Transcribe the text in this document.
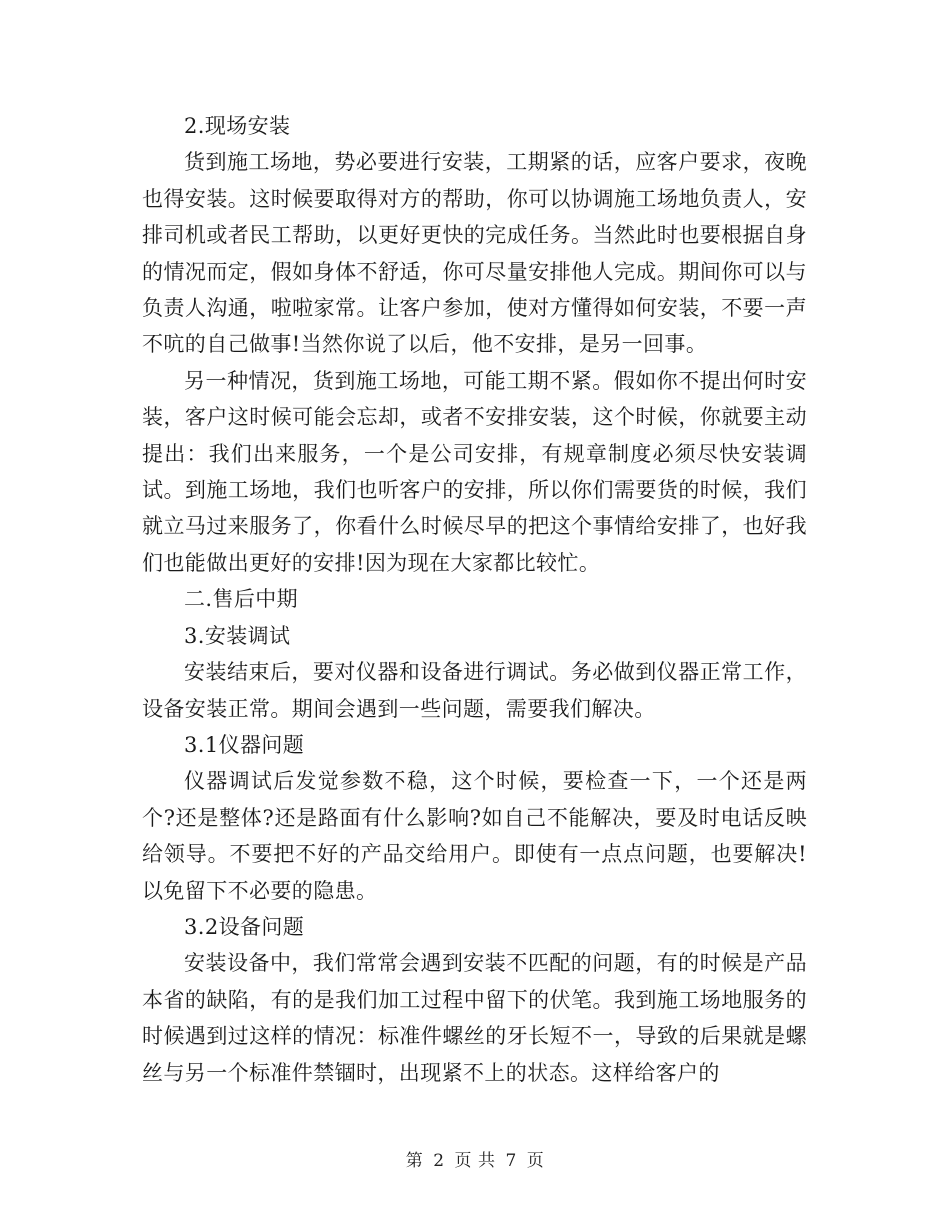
2.现场安装

货到施工场地，势必要进行安装，工期紧的话，应客户要求，夜晚也得安装。这时候要取得对方的帮助，你可以协调施工场地负责人，安排司机或者民工帮助，以更好更快的完成任务。当然此时也要根据自身的情况而定，假如身体不舒适，你可尽量安排他人完成。期间你可以与负责人沟通，啦啦家常。让客户参加，使对方懂得如何安装，不要一声不吭的自己做事!当然你说了以后，他不安排，是另一回事。

另一种情况，货到施工场地，可能工期不紧。假如你不提出何时安装，客户这时候可能会忘却，或者不安排安装，这个时候，你就要主动提出：我们出来服务，一个是公司安排，有规章制度必须尽快安装调试。到施工场地，我们也听客户的安排，所以你们需要货的时候，我们就立马过来服务了，你看什么时候尽早的把这个事情给安排了，也好我们也能做出更好的安排!因为现在大家都比较忙。

二.售后中期

3.安装调试

安装结束后，要对仪器和设备进行调试。务必做到仪器正常工作，设备安装正常。期间会遇到一些问题，需要我们解决。

3.1仪器问题

仪器调试后发觉参数不稳，这个时候，要检查一下，一个还是两个?还是整体?还是路面有什么影响?如自己不能解决，要及时电话反映给领导。不要把不好的产品交给用户。即使有一点点问题，也要解决!以免留下不必要的隐患。

3.2设备问题

安装设备中，我们常常会遇到安装不匹配的问题，有的时候是产品本省的缺陷，有的是我们加工过程中留下的伏笔。我到施工场地服务的时候遇到过这样的情况：标准件螺丝的牙长短不一，导致的后果就是螺丝与另一个标准件禁锢时，出现紧不上的状态。这样给客户的

第 2 页 共 7 页
